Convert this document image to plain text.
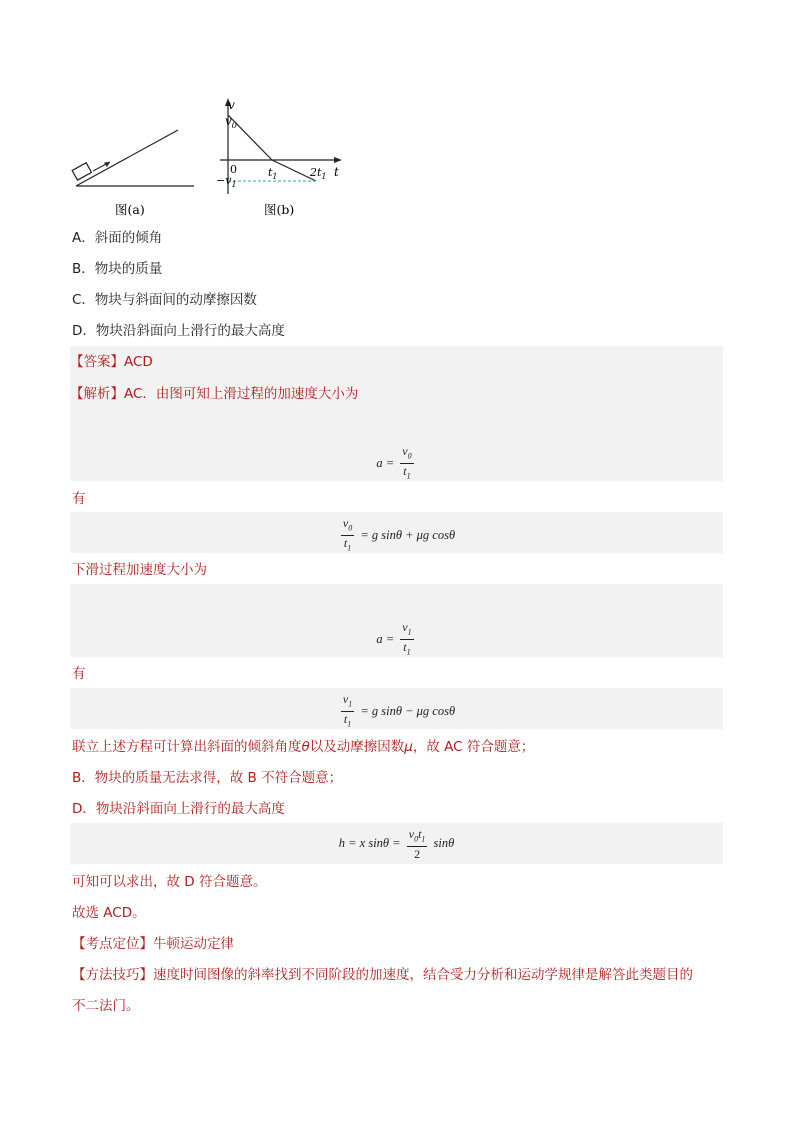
v
$v_0$
0	$t_1$	$2t_1$ t
$-v_1$
图(a)	图(b)
A．斜面的倾角
B．物块的质量
C．物块与斜面间的动摩擦因数
D．物块沿斜面向上滑行的最大高度
【答案】ACD
【解析】AC．由图可知上滑过程的加速度大小为
$a = \frac{v_0}{t_1}$
有
$\frac{v_0}{t_1} = g$ sinθ + μg cosθ
下滑过程加速度大小为
$a = \frac{v_1}{t_1}$
有
$\frac{v_1}{t_1} = g$ sinθ − μg cosθ
联立上述方程可计算出斜面的倾斜角度θ以及动摩擦因数μ，故 AC 符合题意；
B．物块的质量无法求得，故 B 不符合题意；
D．物块沿斜面向上滑行的最大高度
h = x $\sin\theta = \frac{v_0t_1}{2}$ sinθ
可知可以求出，故 D 符合题意。
故选 ACD。
【考点定位】牛顿运动定律
【方法技巧】速度时间图像的斜率找到不同阶段的加速度，结合受力分析和运动学规律是解答此类题目的
不二法门。
